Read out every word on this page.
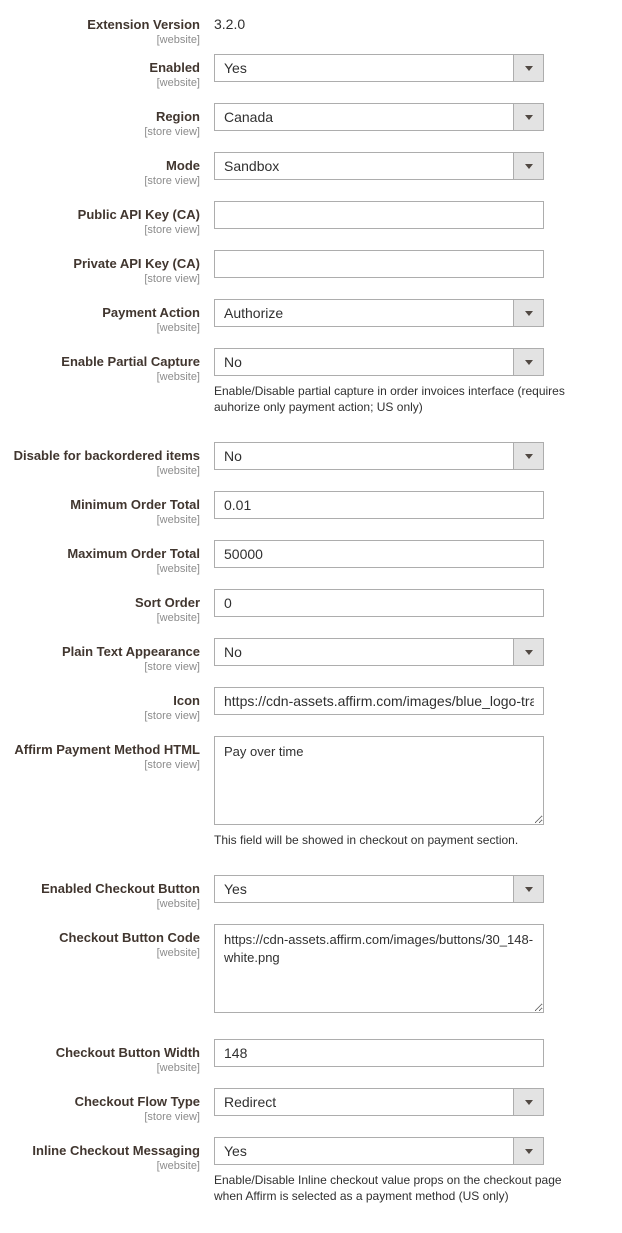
Extension Version
[website]
3.2.0
Enabled
[website]
Yes
Region
[store view]
Canada
Mode
[store view]
Sandbox
Public API Key (CA)
[store view]
Private API Key (CA)
[store view]
Payment Action
[website]
Authorize
Enable Partial Capture
[website]
No
Enable/Disable partial capture in order invoices interface (requires auhorize only payment action; US only)
Disable for backordered items
[website]
No
Minimum Order Total
[website]
0.01
Maximum Order Total
[website]
50000
Sort Order
[website]
0
Plain Text Appearance
[store view]
No
Icon
[store view]
https://cdn-assets.affirm.com/images/blue_logo-trans
Affirm Payment Method HTML
[store view]
Pay over time
This field will be showed in checkout on payment section.
Enabled Checkout Button
[website]
Yes
Checkout Button Code
[website]
https://cdn-assets.affirm.com/images/buttons/30_148-white.png
Checkout Button Width
[website]
148
Checkout Flow Type
[store view]
Redirect
Inline Checkout Messaging
[website]
Yes
Enable/Disable Inline checkout value props on the checkout page when Affirm is selected as a payment method (US only)
